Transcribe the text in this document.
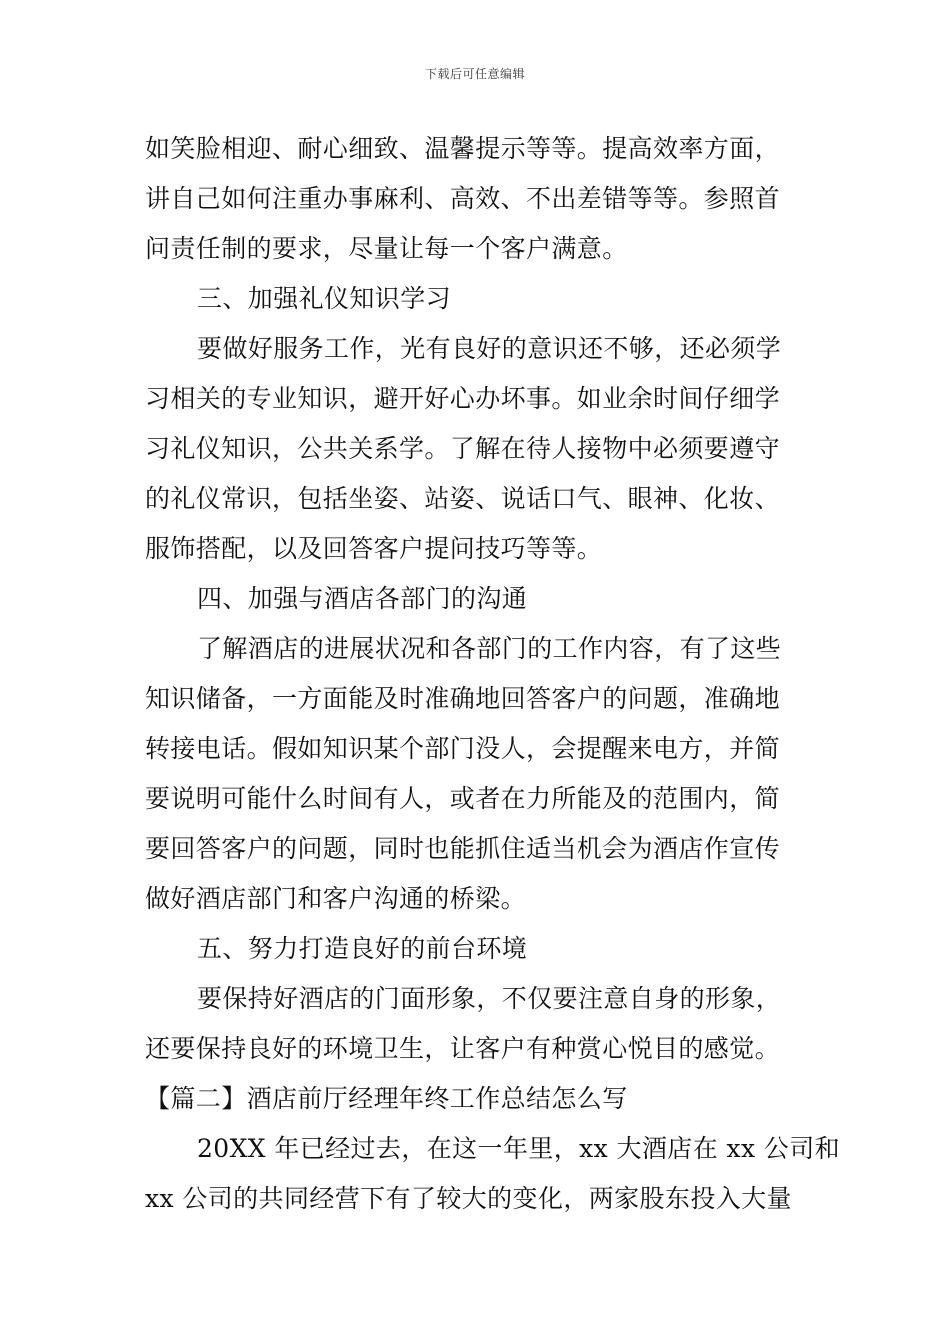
下载后可任意编辑
如笑脸相迎、耐心细致、温馨提示等等。提高效率方面，
讲自己如何注重办事麻利、高效、不出差错等等。参照首
问责任制的要求，尽量让每一个客户满意。
三、加强礼仪知识学习
要做好服务工作，光有良好的意识还不够，还必须学
习相关的专业知识，避开好心办坏事。如业余时间仔细学
习礼仪知识，公共关系学。了解在待人接物中必须要遵守
的礼仪常识，包括坐姿、站姿、说话口气、眼神、化妆、
服饰搭配，以及回答客户提问技巧等等。
四、加强与酒店各部门的沟通
了解酒店的进展状况和各部门的工作内容，有了这些
知识储备，一方面能及时准确地回答客户的问题，准确地
转接电话。假如知识某个部门没人，会提醒来电方，并简
要说明可能什么时间有人，或者在力所能及的范围内，简
要回答客户的问题，同时也能抓住适当机会为酒店作宣传
做好酒店部门和客户沟通的桥梁。
五、努力打造良好的前台环境
要保持好酒店的门面形象，不仅要注意自身的形象，
还要保持良好的环境卫生，让客户有种赏心悦目的感觉。
【篇二】酒店前厅经理年终工作总结怎么写
20XX 年已经过去，在这一年里，xx 大酒店在 xx 公司和
xx 公司的共同经营下有了较大的变化，两家股东投入大量
